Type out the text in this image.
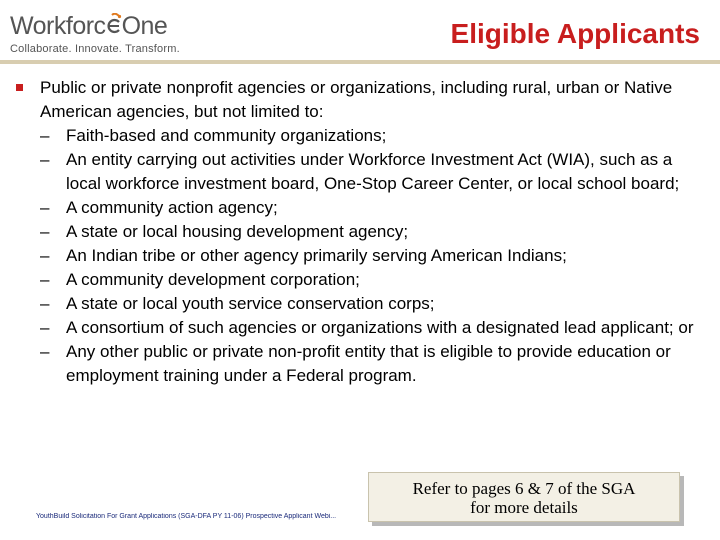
Workforc One
Collaborate. Innovate. Transform.	Eligible Applicants
Public or private nonprofit agencies or organizations, including rural, urban or Native American agencies, but not limited to:
– Faith-based and community organizations;
– An entity carrying out activities under Workforce Investment Act (WIA), such as a local workforce investment board, One-Stop Career Center, or local school board;
– A community action agency;
– A state or local housing development agency;
– An Indian tribe or other agency primarily serving American Indians;
– A community development corporation;
– A state or local youth service conservation corps;
– A consortium of such agencies or organizations with a designated lead applicant; or
– Any other public or private non-profit entity that is eligible to provide education or employment training under a Federal program.
YouthBuild Solicitation For Grant Applications (SGA-DFA PY 11-06) Prospective Applicant Webi...
Refer to pages 6 & 7 of the SGA
for more details
